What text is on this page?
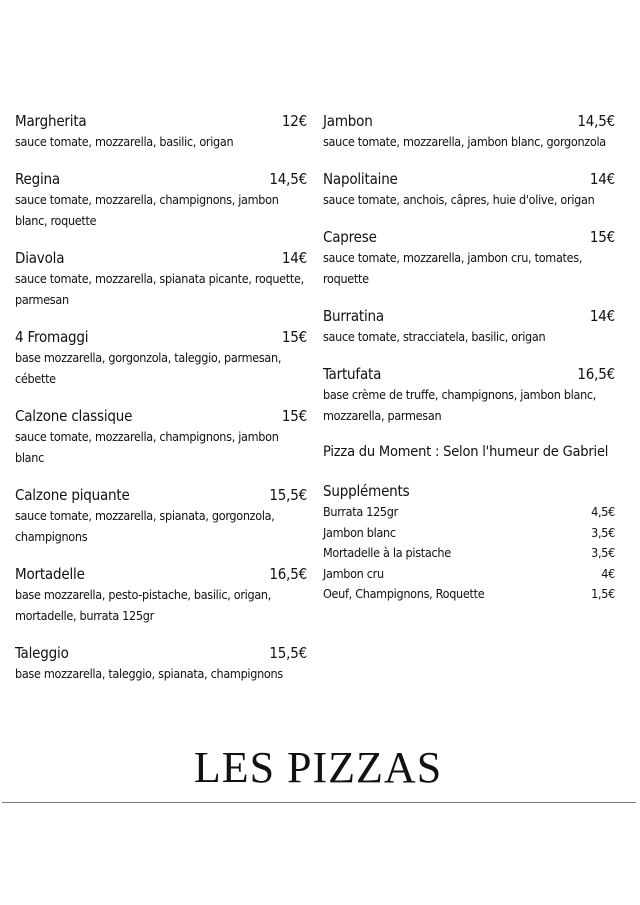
Margherita	12€
sauce tomate, mozzarella, basilic, origan
Regina	14,5€
sauce tomate, mozzarella, champignons, jambon blanc, roquette
Diavola	14€
sauce tomate, mozzarella, spianata picante, roquette, parmesan
4 Fromaggi	15€
base mozzarella, gorgonzola, taleggio, parmesan, cébette
Calzone classique	15€
sauce tomate, mozzarella, champignons, jambon blanc
Calzone piquante	15,5€
sauce tomate, mozzarella, spianata, gorgonzola, champignons
Mortadelle	16,5€
base mozzarella, pesto-pistache, basilic, origan, mortadelle, burrata 125gr
Taleggio	15,5€
base mozzarella, taleggio, spianata, champignons
Jambon	14,5€
sauce tomate, mozzarella, jambon blanc, gorgonzola
Napolitaine	14€
sauce tomate, anchois, câpres, huie d'olive, origan
Caprese	15€
sauce tomate, mozzarella, jambon cru, tomates, roquette
Burratina	14€
sauce tomate, stracciatela, basilic, origan
Tartufata	16,5€
base crème de truffe, champignons, jambon blanc, mozzarella, parmesan
Pizza du Moment : Selon l'humeur de Gabriel
Suppléments
Burrata 125gr	4,5€
Jambon blanc	3,5€
Mortadelle à la pistache	3,5€
Jambon cru	4€
Oeuf, Champignons, Roquette	1,5€
LES PIZZAS
